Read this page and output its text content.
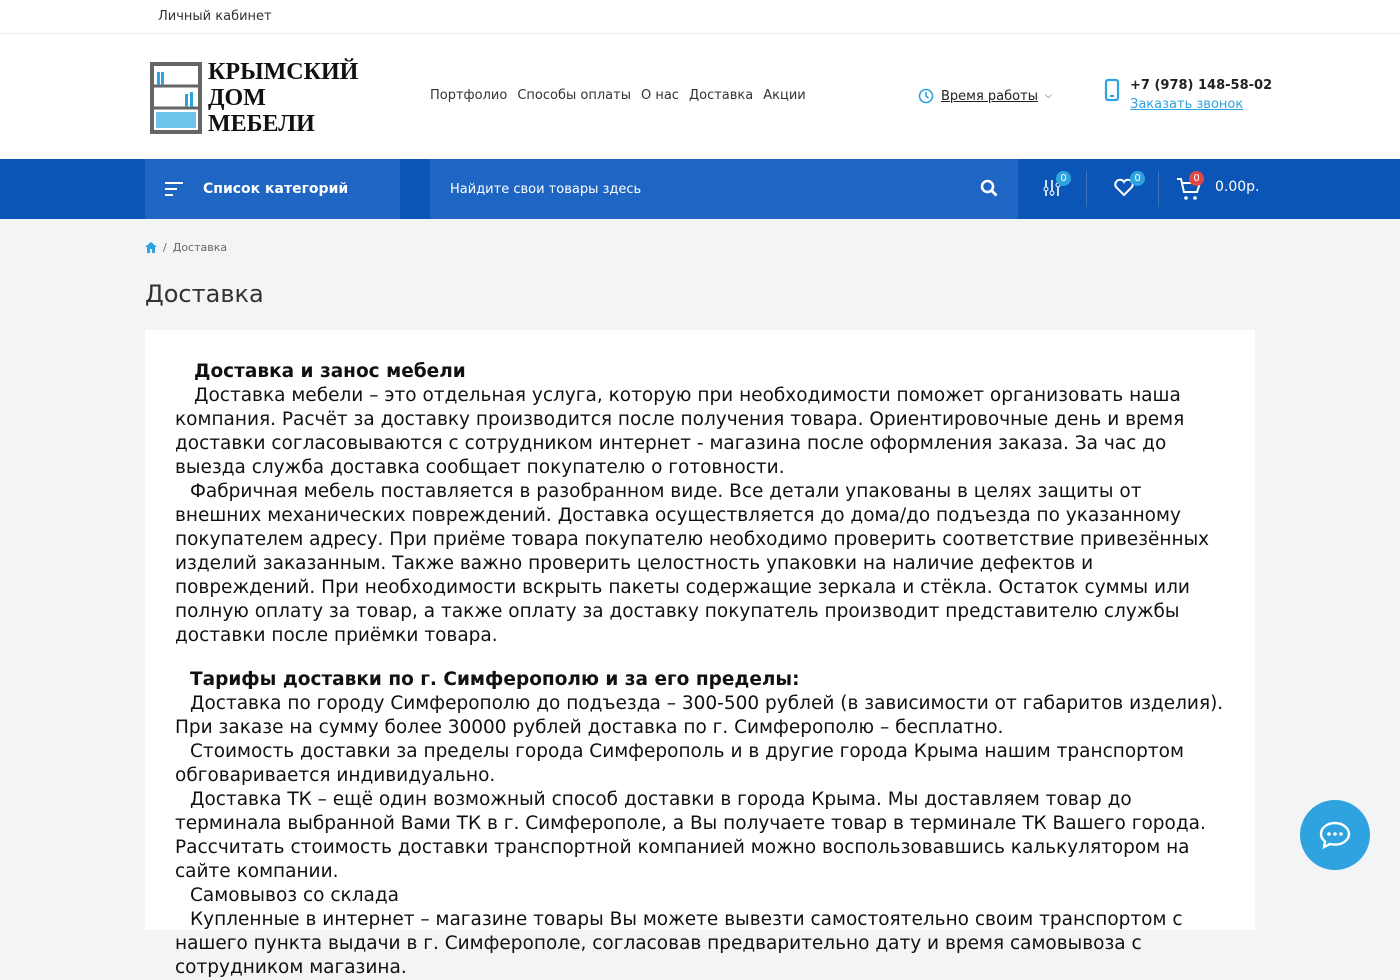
Личный кабинет
КРЫМСКИЙ
ДОМ
МЕБЕЛИ
Портфолио Способы оплаты О нас Доставка Акции	Время работы ⌵
+7 (978) 148-58-02
Заказать звонок
Список категорий	Найдите свои товары здесь
0	0	0
0.00р.
/ Доставка
Доставка
Доставка и занос мебели

Доставка мебели – это отдельная услуга, которую при необходимости поможет организовать наша компания. Расчёт за доставку производится после получения товара. Ориентировочные день и время доставки согласовываются с сотрудником интернет - магазина после оформления заказа. За час до выезда служба доставка сообщает покупателю о готовности.

Фабричная мебель поставляется в разобранном виде. Все детали упакованы в целях защиты от внешних механических повреждений. Доставка осуществляется до дома/до подъезда по указанному покупателем адресу. При приёме товара покупателю необходимо проверить соответствие привезённых изделий заказанным. Также важно проверить целостность упаковки на наличие дефектов и повреждений. При необходимости вскрыть пакеты содержащие зеркала и стёкла. Остаток суммы или полную оплату за товар, а также оплату за доставку покупатель производит представителю службы доставки после приёмки товара.

Тарифы доставки по г. Симферополю и за его пределы:

Доставка по городу Симферополю до подъезда – 300-500 рублей (в зависимости от габаритов изделия). При заказе на сумму более 30000 рублей доставка по г. Симферополю – бесплатно.

Стоимость доставки за пределы города Симферополь и в другие города Крыма нашим транспортом обговаривается индивидуально.

Доставка ТК – ещё один возможный способ доставки в города Крыма. Мы доставляем товар до терминала выбранной Вами ТК в г. Симферополе, а Вы получаете товар в терминале ТК Вашего города. Рассчитать стоимость доставки транспортной компанией можно воспользовавшись калькулятором на сайте компании.

Самовывоз со склада

Купленные в интернет – магазине товары Вы можете вывезти самостоятельно своим транспортом с нашего пункта выдачи в г. Симферополе, согласовав предварительно дату и время самовывоза с сотрудником магазина.
